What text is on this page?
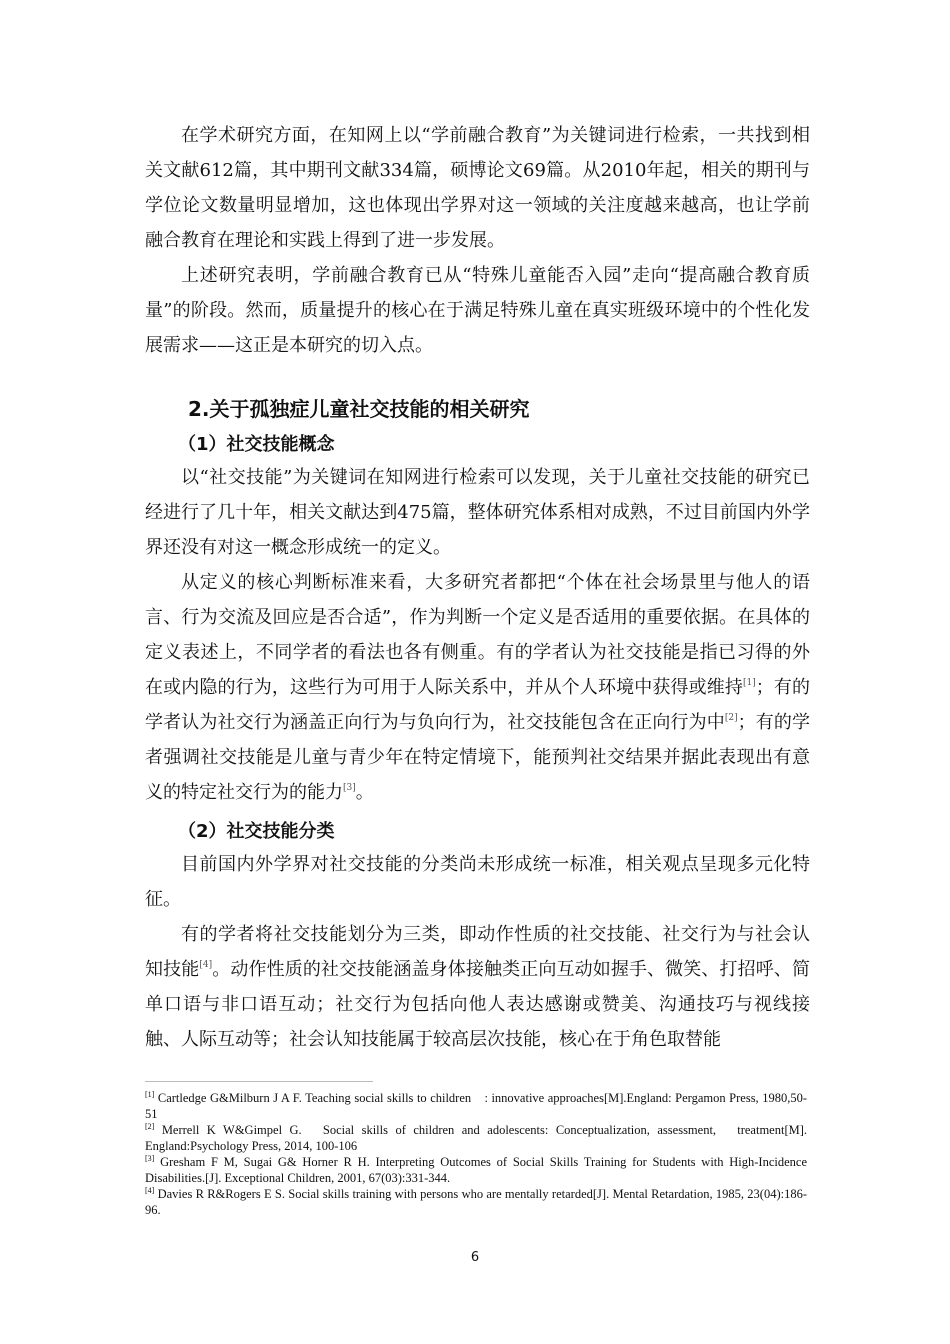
在学术研究方面，在知网上以“学前融合教育”为关键词进行检索，一共找到相关文献612篇，其中期刊文献334篇，硕博论文69篇。从2010年起，相关的期刊与学位论文数量明显增加，这也体现出学界对这一领域的关注度越来越高，也让学前融合教育在理论和实践上得到了进一步发展。

上述研究表明，学前融合教育已从“特殊儿童能否入园”走向“提高融合教育质量”的阶段。然而，质量提升的核心在于满足特殊儿童在真实班级环境中的个性化发展需求——这正是本研究的切入点。

2.关于孤独症儿童社交技能的相关研究
（1）社交技能概念

以“社交技能”为关键词在知网进行检索可以发现，关于儿童社交技能的研究已经进行了几十年，相关文献达到475篇，整体研究体系相对成熟，不过目前国内外学界还没有对这一概念形成统一的定义。

从定义的核心判断标准来看，大多研究者都把“个体在社会场景里与他人的语言、行为交流及回应是否合适”，作为判断一个定义是否适用的重要依据。在具体的定义表述上，不同学者的看法也各有侧重。有的学者认为社交技能是指已习得的外在或内隐的行为，这些行为可用于人际关系中，并从个人环境中获得或维持[1]；有的学者认为社交行为涵盖正向行为与负向行为，社交技能包含在正向行为中[2]；有的学者强调社交技能是儿童与青少年在特定情境下，能预判社交结果并据此表现出有意义的特定社交行为的能力[3]。

（2）社交技能分类

目前国内外学界对社交技能的分类尚未形成统一标准，相关观点呈现多元化特征。

有的学者将社交技能划分为三类，即动作性质的社交技能、社交行为与社会认知技能[4]。动作性质的社交技能涵盖身体接触类正向互动如握手、微笑、打招呼、简单口语与非口语互动；社交行为包括向他人表达感谢或赞美、沟通技巧与视线接触、人际互动等；社会认知技能属于较高层次技能，核心在于角色取替能

[1] Cartledge G&Milburn J A F. Teaching social skills to children　: innovative approaches[M].England: Pergamon Press, 1980,50-51

[2] Merrell K W&Gimpel G.　Social skills of children and adolescents: Conceptualization, assessment,　treatment[M]. England:Psychology Press, 2014, 100-106

[3] Gresham F M, Sugai G& Horner R H. Interpreting Outcomes of Social Skills Training for Students with High-Incidence Disabilities.[J]. Exceptional Children, 2001, 67(03):331-344.

[4] Davies R R&Rogers E S. Social skills training with persons who are mentally retarded[J]. Mental Retardation, 1985, 23(04):186-96.

6
